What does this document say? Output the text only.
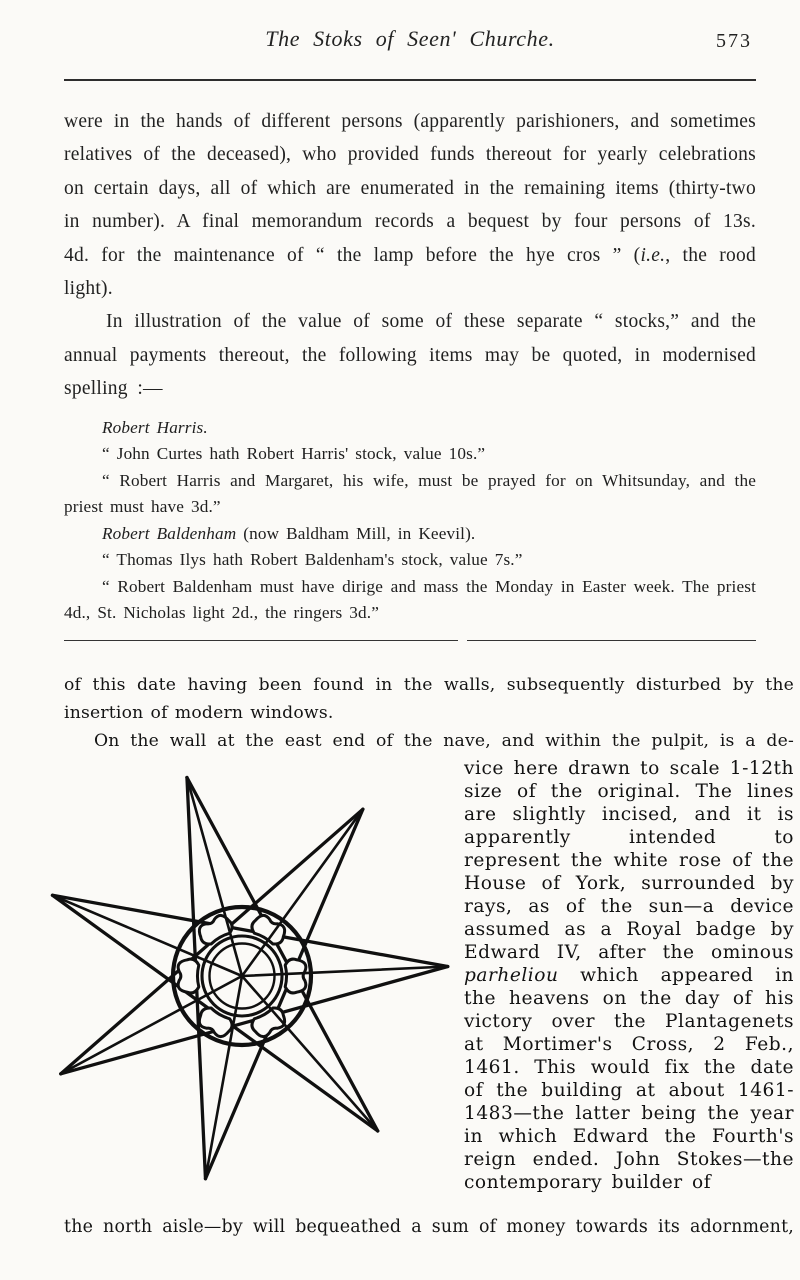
The Stoks of Seen' Churche.	573

were in the hands of different persons (apparently parishioners, and sometimes relatives of the deceased), who provided funds thereout for yearly celebrations on certain days, all of which are enumerated in the remaining items (thirty-two in number). A final memorandum records a bequest by four persons of 13s. 4d. for the maintenance of “ the lamp before the hye cros ” (i.e., the rood light).

In illustration of the value of some of these separate “ stocks,” and the annual payments thereout, the following items may be quoted, in modernised spelling :—

Robert Harris.

“ John Curtes hath Robert Harris' stock, value 10s.”

“ Robert Harris and Margaret, his wife, must be prayed for on Whitsunday, and the priest must have 3d.”

Robert Baldenham (now Baldham Mill, in Keevil).

“ Thomas Ilys hath Robert Baldenham's stock, value 7s.”

“ Robert Baldenham must have dirige and mass the Monday in Easter week. The priest 4d., St. Nicholas light 2d., the ringers 3d.”

of this date having been found in the walls, subsequently disturbed by the insertion of modern windows.

On the wall at the east end of the nave, and within the pulpit, is a de-

vice here drawn to scale 1-12th size of the original. The lines are slightly incised, and it is apparently intended to represent the white rose of the House of York, surrounded by rays, as of the sun—a device assumed as a Royal badge by Edward IV, after the ominous parheliou which appeared in the heavens on the day of his victory over the Plantagenets at Mortimer's Cross, 2 Feb., 1461. This would fix the date of the building at about 1461-1483—the latter being the year in which Edward the Fourth's reign ended. John Stokes—the contemporary builder of

the north aisle—by will bequeathed a sum of money towards its adornment,
